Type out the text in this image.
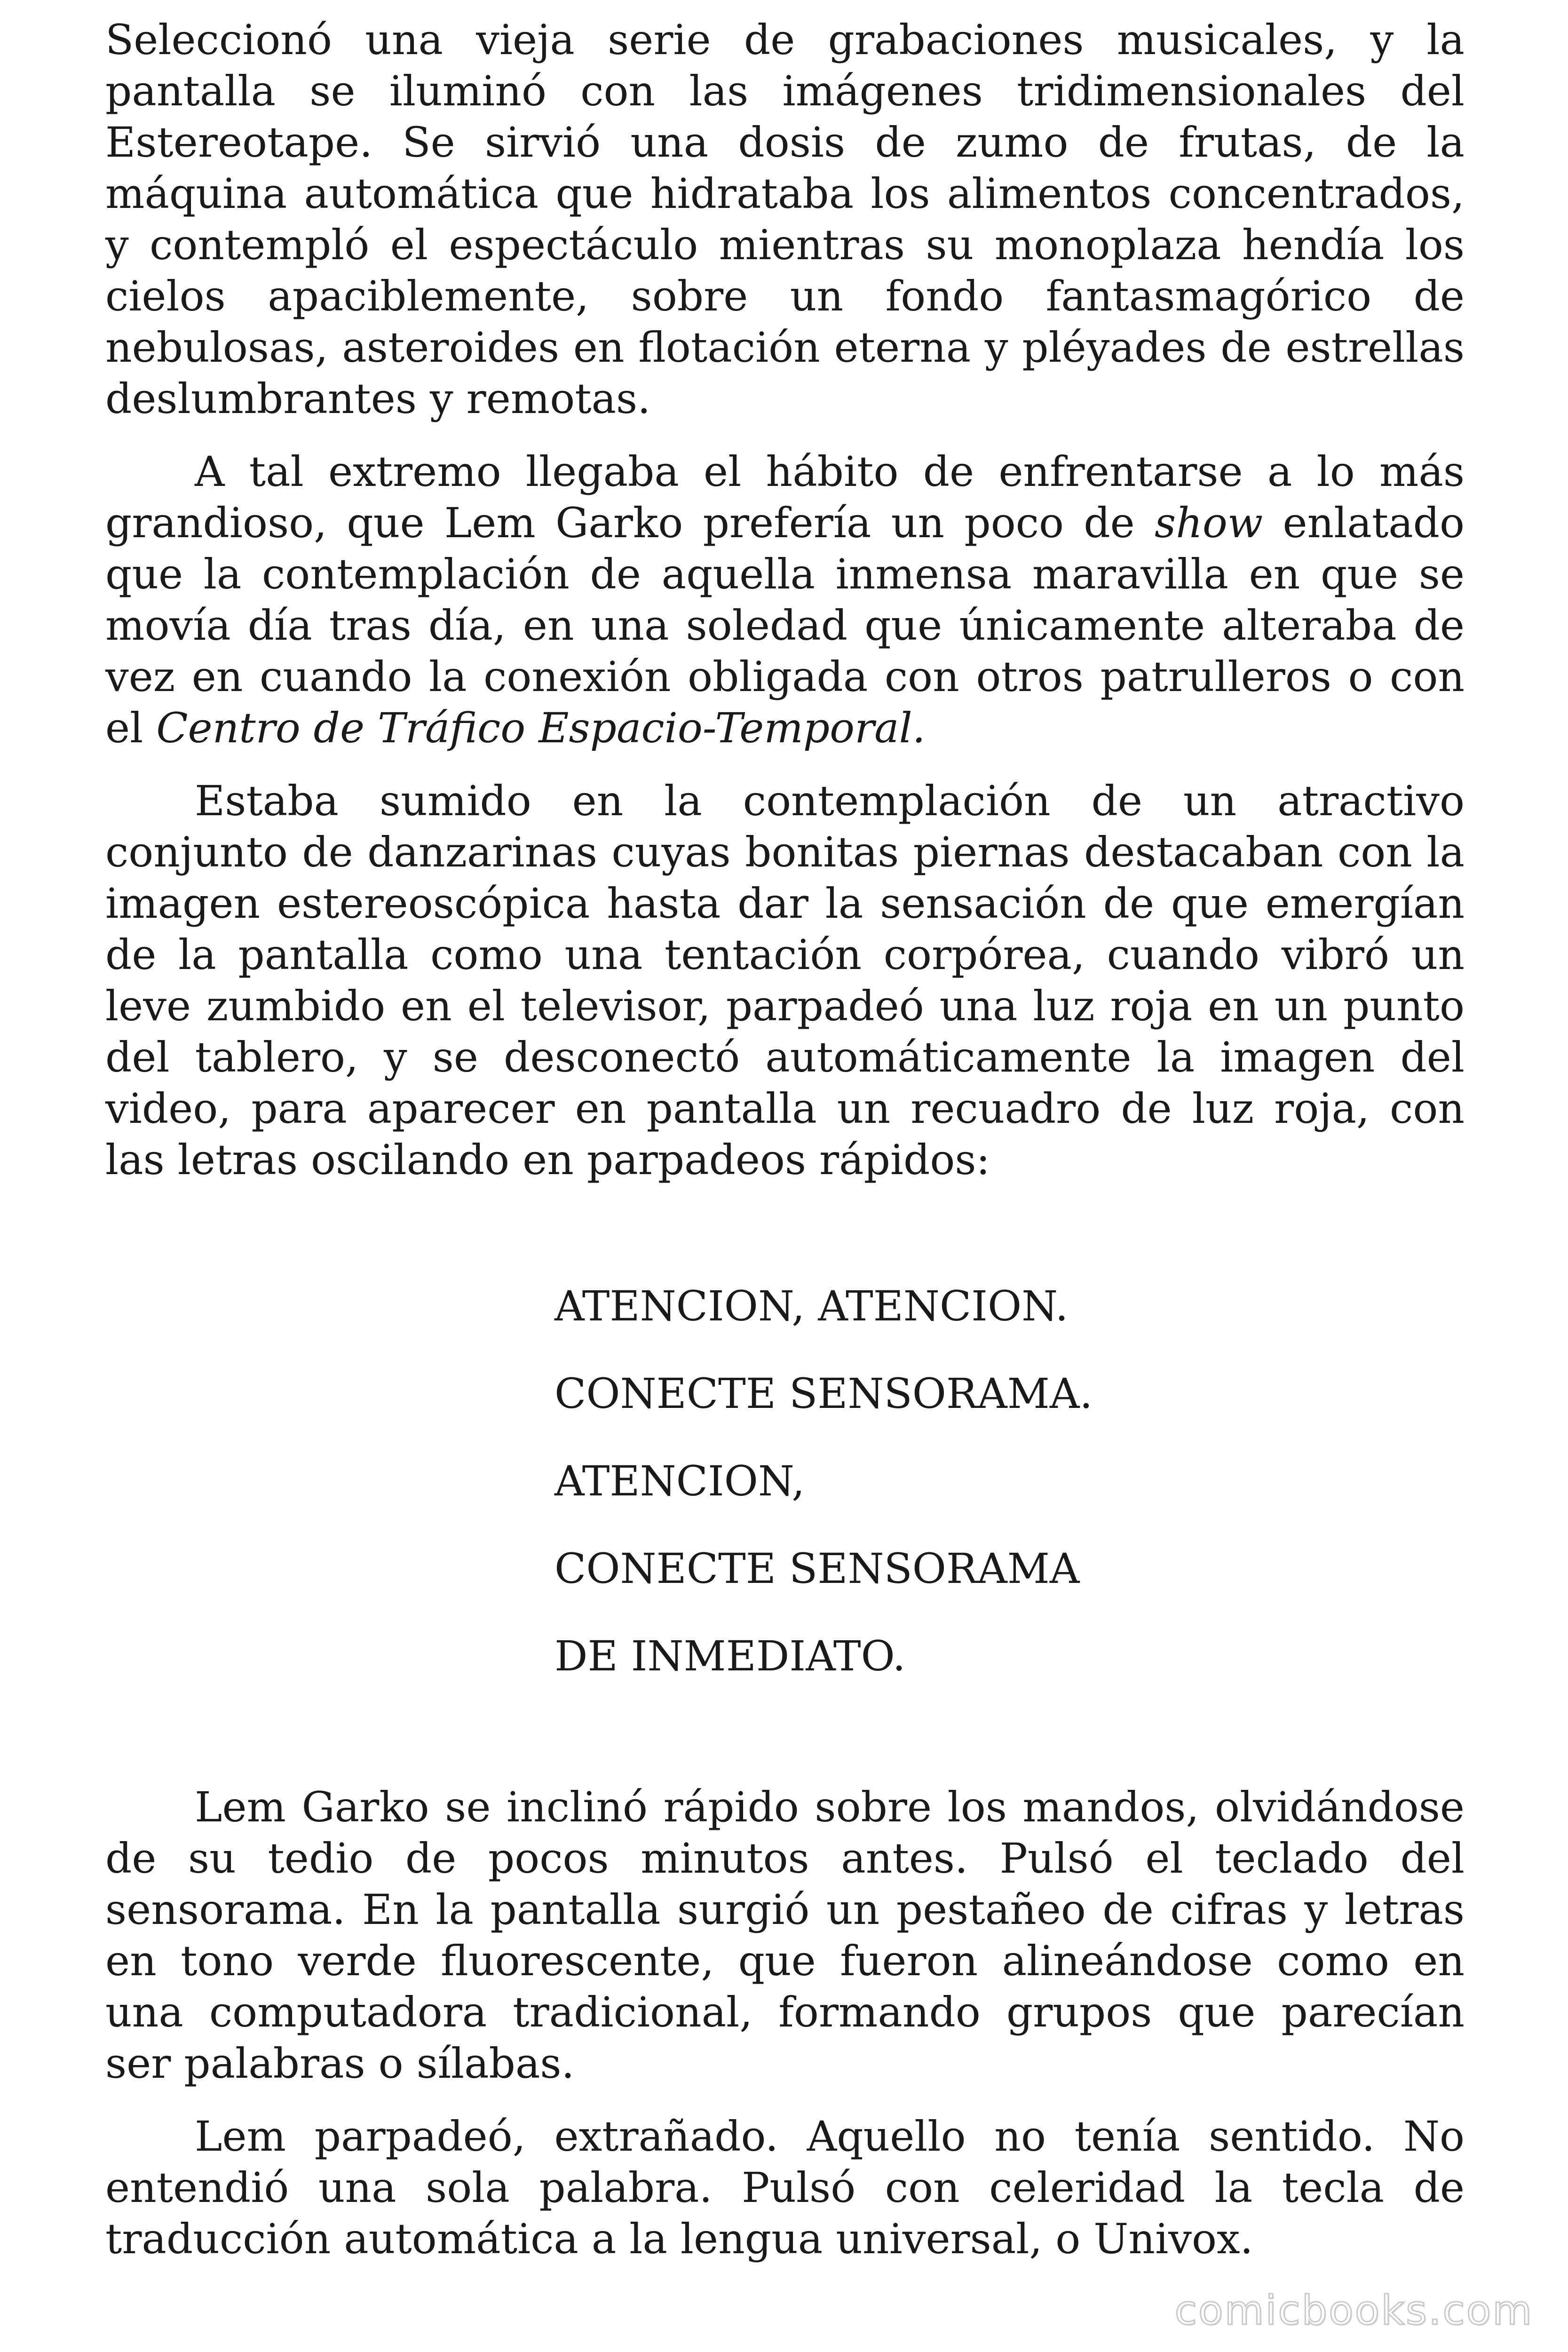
Seleccionó una vieja serie de grabaciones musicales, y la pantalla se iluminó con las imágenes tridimensionales del Estereotape. Se sirvió una dosis de zumo de frutas, de la máquina automática que hidrataba los alimentos concentrados, y contempló el espectáculo mientras su monoplaza hendía los cielos apaciblemente, sobre un fondo fantasmagórico de nebulosas, asteroides en flotación eterna y pléyades de estrellas deslumbrantes y remotas.

A tal extremo llegaba el hábito de enfrentarse a lo más grandioso, que Lem Garko prefería un poco de show enlatado que la contemplación de aquella inmensa maravilla en que se movía día tras día, en una soledad que únicamente alteraba de vez en cuando la conexión obligada con otros patrulleros o con el Centro de Tráfico Espacio-Temporal.

Estaba sumido en la contemplación de un atractivo conjunto de danzarinas cuyas bonitas piernas destacaban con la imagen estereoscópica hasta dar la sensación de que emergían de la pantalla como una tentación corpórea, cuando vibró un leve zumbido en el televisor, parpadeó una luz roja en un punto del tablero, y se desconectó automáticamente la imagen del video, para aparecer en pantalla un recuadro de luz roja, con las letras oscilando en parpadeos rápidos:

ATENCION, ATENCION.

CONECTE SENSORAMA.

ATENCION,

CONECTE SENSORAMA

DE INMEDIATO.

Lem Garko se inclinó rápido sobre los mandos, olvidándose de su tedio de pocos minutos antes. Pulsó el teclado del sensorama. En la pantalla surgió un pestañeo de cifras y letras en tono verde fluorescente, que fueron alineándose como en una computadora tradicional, formando grupos que parecían ser palabras o sílabas.

Lem parpadeó, extrañado. Aquello no tenía sentido. No entendió una sola palabra. Pulsó con celeridad la tecla de traducción automática a la lengua universal, o Univox.

comicbooks.com
